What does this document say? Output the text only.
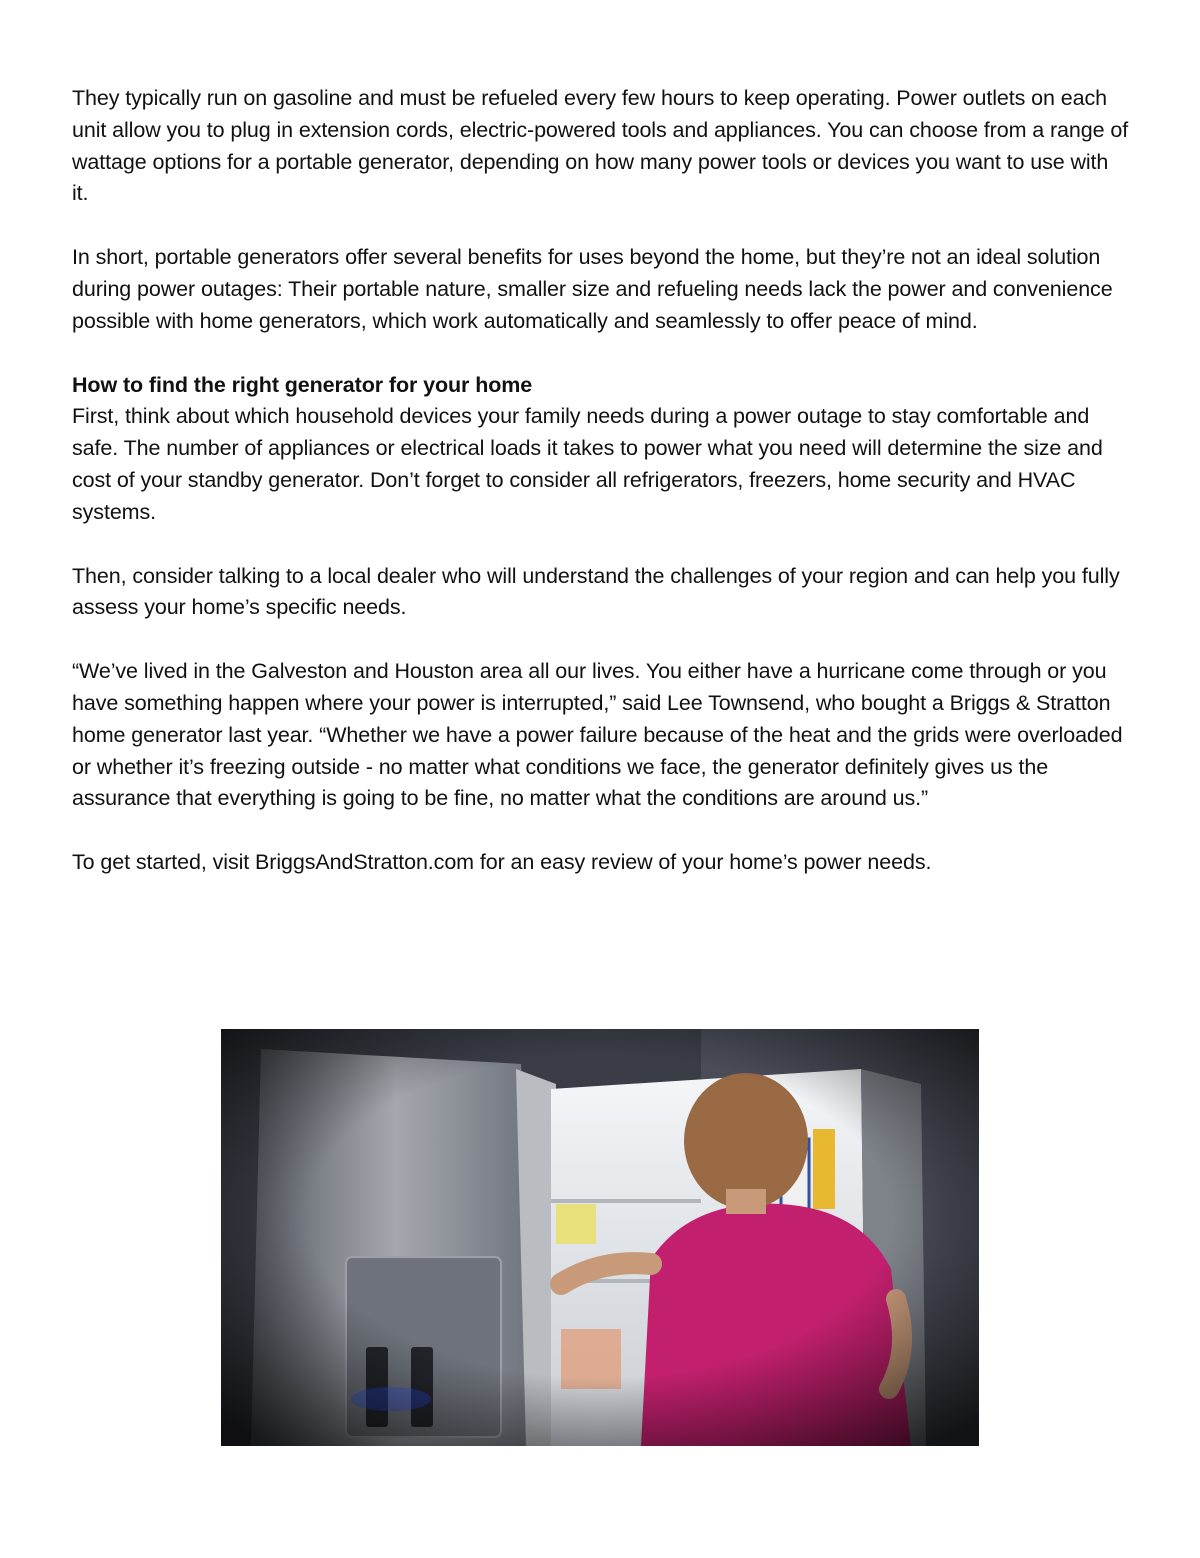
They typically run on gasoline and must be refueled every few hours to keep operating. Power outlets on each unit allow you to plug in extension cords, electric-powered tools and appliances. You can choose from a range of wattage options for a portable generator, depending on how many power tools or devices you want to use with it.

In short, portable generators offer several benefits for uses beyond the home, but they’re not an ideal solution during power outages: Their portable nature, smaller size and refueling needs lack the power and convenience possible with home generators, which work automatically and seamlessly to offer peace of mind.

How to find the right generator for your home

First, think about which household devices your family needs during a power outage to stay comfortable and safe. The number of appliances or electrical loads it takes to power what you need will determine the size and cost of your standby generator. Don’t forget to consider all refrigerators, freezers, home security and HVAC systems.

Then, consider talking to a local dealer who will understand the challenges of your region and can help you fully assess your home’s specific needs.

“We’ve lived in the Galveston and Houston area all our lives. You either have a hurricane come through or you have something happen where your power is interrupted,” said Lee Townsend, who bought a Briggs & Stratton home generator last year. “Whether we have a power failure because of the heat and the grids were overloaded or whether it’s freezing outside - no matter what conditions we face, the generator definitely gives us the assurance that everything is going to be fine, no matter what the conditions are around us.”

To get started, visit BriggsAndStratton.com for an easy review of your home’s power needs.
